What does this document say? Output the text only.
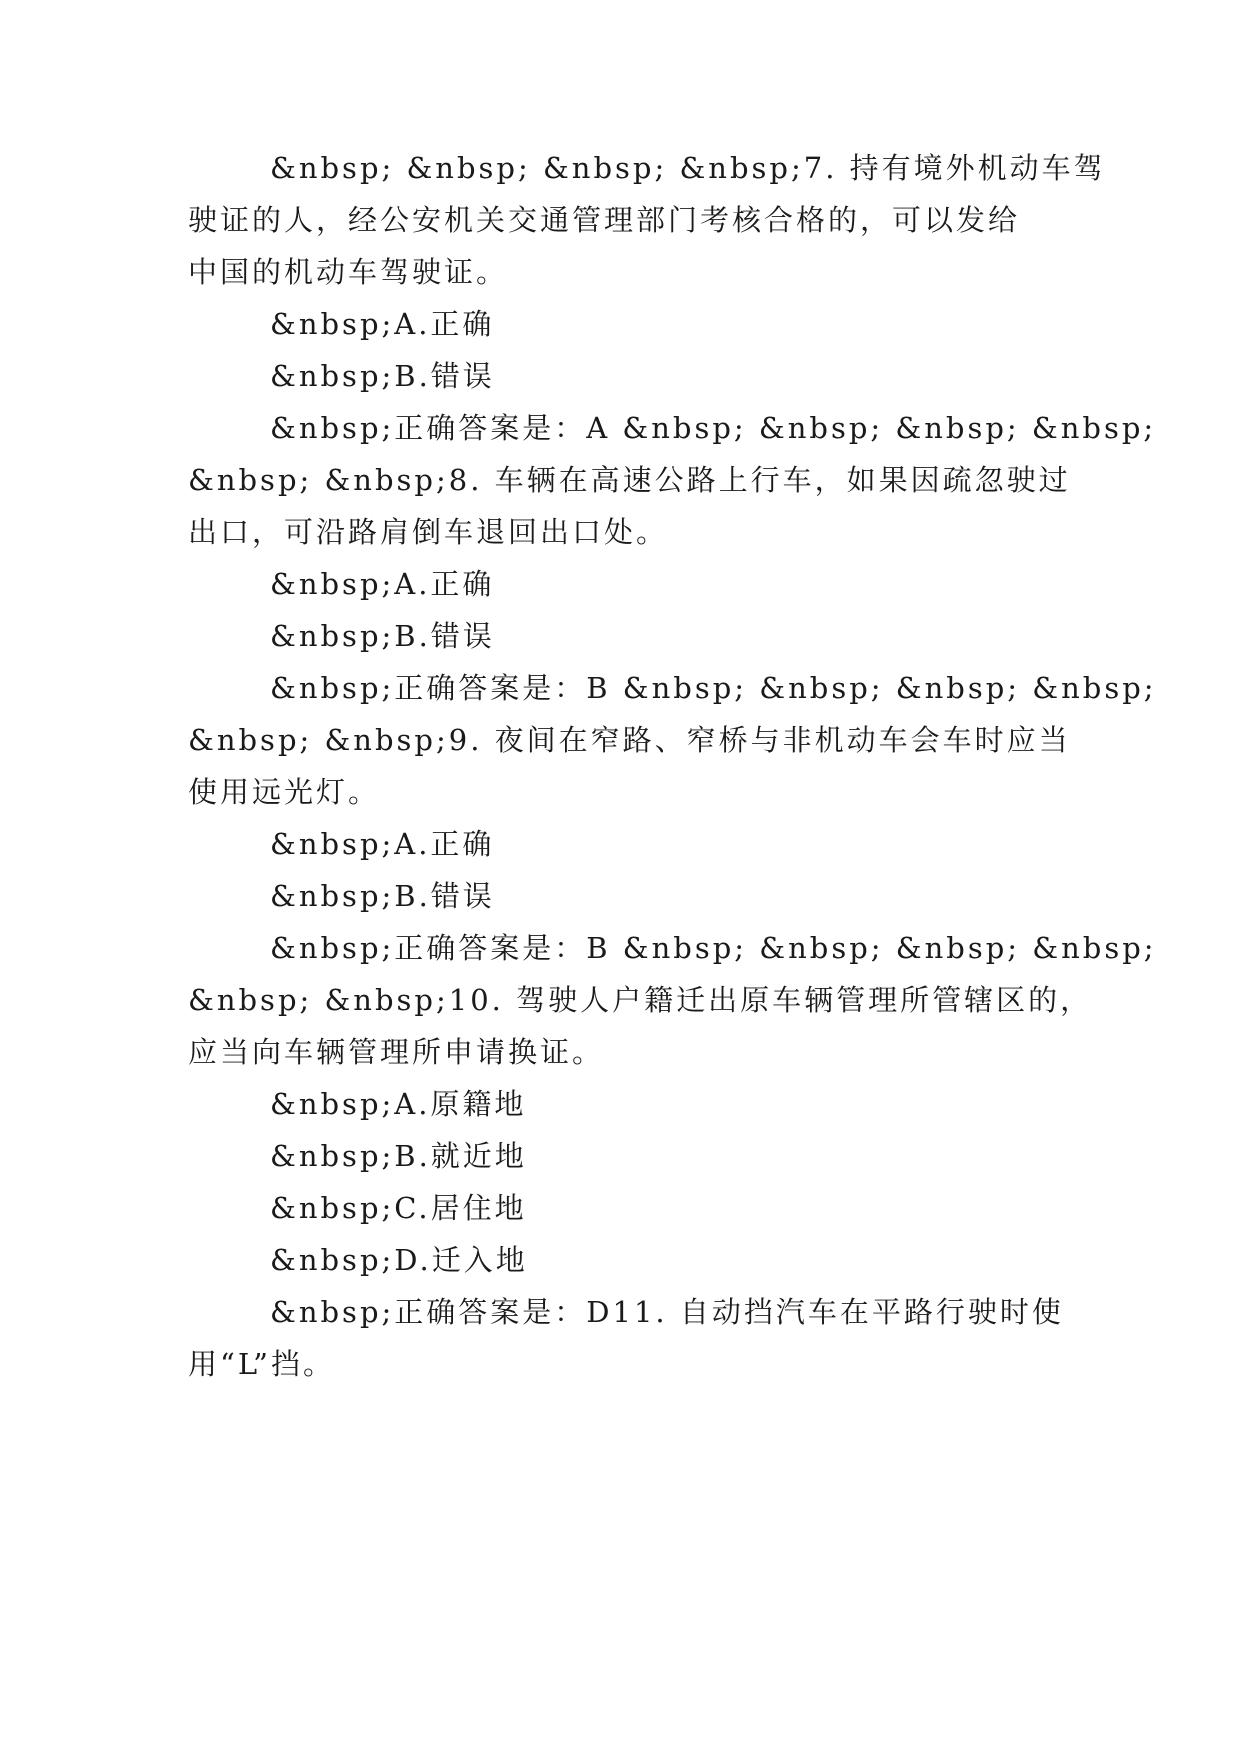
&nbsp; &nbsp; &nbsp; &nbsp;7. 持有境外机动车驾
驶证的人，经公安机关交通管理部门考核合格的，可以发给
中国的机动车驾驶证。
&nbsp;A.正确
&nbsp;B.错误
&nbsp;正确答案是：A &nbsp; &nbsp; &nbsp; &nbsp;
&nbsp; &nbsp;8. 车辆在高速公路上行车，如果因疏忽驶过
出口，可沿路肩倒车退回出口处。
&nbsp;A.正确
&nbsp;B.错误
&nbsp;正确答案是：B &nbsp; &nbsp; &nbsp; &nbsp;
&nbsp; &nbsp;9. 夜间在窄路、窄桥与非机动车会车时应当
使用远光灯。
&nbsp;A.正确
&nbsp;B.错误
&nbsp;正确答案是：B &nbsp; &nbsp; &nbsp; &nbsp;
&nbsp; &nbsp;10. 驾驶人户籍迁出原车辆管理所管辖区的，
应当向车辆管理所申请换证。
&nbsp;A.原籍地
&nbsp;B.就近地
&nbsp;C.居住地
&nbsp;D.迁入地
&nbsp;正确答案是：D11. 自动挡汽车在平路行驶时使
用“L”挡。
